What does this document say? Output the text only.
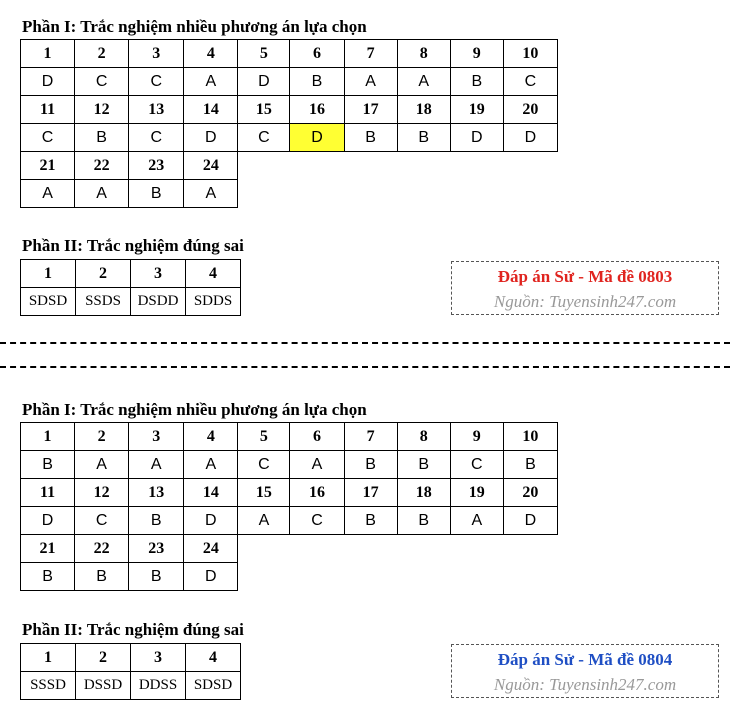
Phần I: Trắc nghiệm nhiều phương án lựa chọn
1	2	3	4	5	6	7	8	9	10
D	C	C	A	D	B	A	A	B	C
11	12	13	14	15	16	17	18	19	20
C	B	C	D	C	D	B	B	D	D
21	22	23	24						
A	A	B	A						
Phần II: Trắc nghiệm đúng sai
1	2	3	4
SDSD	SSDS	DSDD	SDDS
Đáp án Sử - Mã đề 0803
Nguồn: Tuyensinh247.com
Phần I: Trắc nghiệm nhiều phương án lựa chọn
1	2	3	4	5	6	7	8	9	10
B	A	A	A	C	A	B	B	C	B
11	12	13	14	15	16	17	18	19	20
D	C	B	D	A	C	B	B	A	D
21	22	23	24						
B	B	B	D						
Phần II: Trắc nghiệm đúng sai
1	2	3	4
SSSD	DSSD	DDSS	SDSD
Đáp án Sử - Mã đề 0804
Nguồn: Tuyensinh247.com
